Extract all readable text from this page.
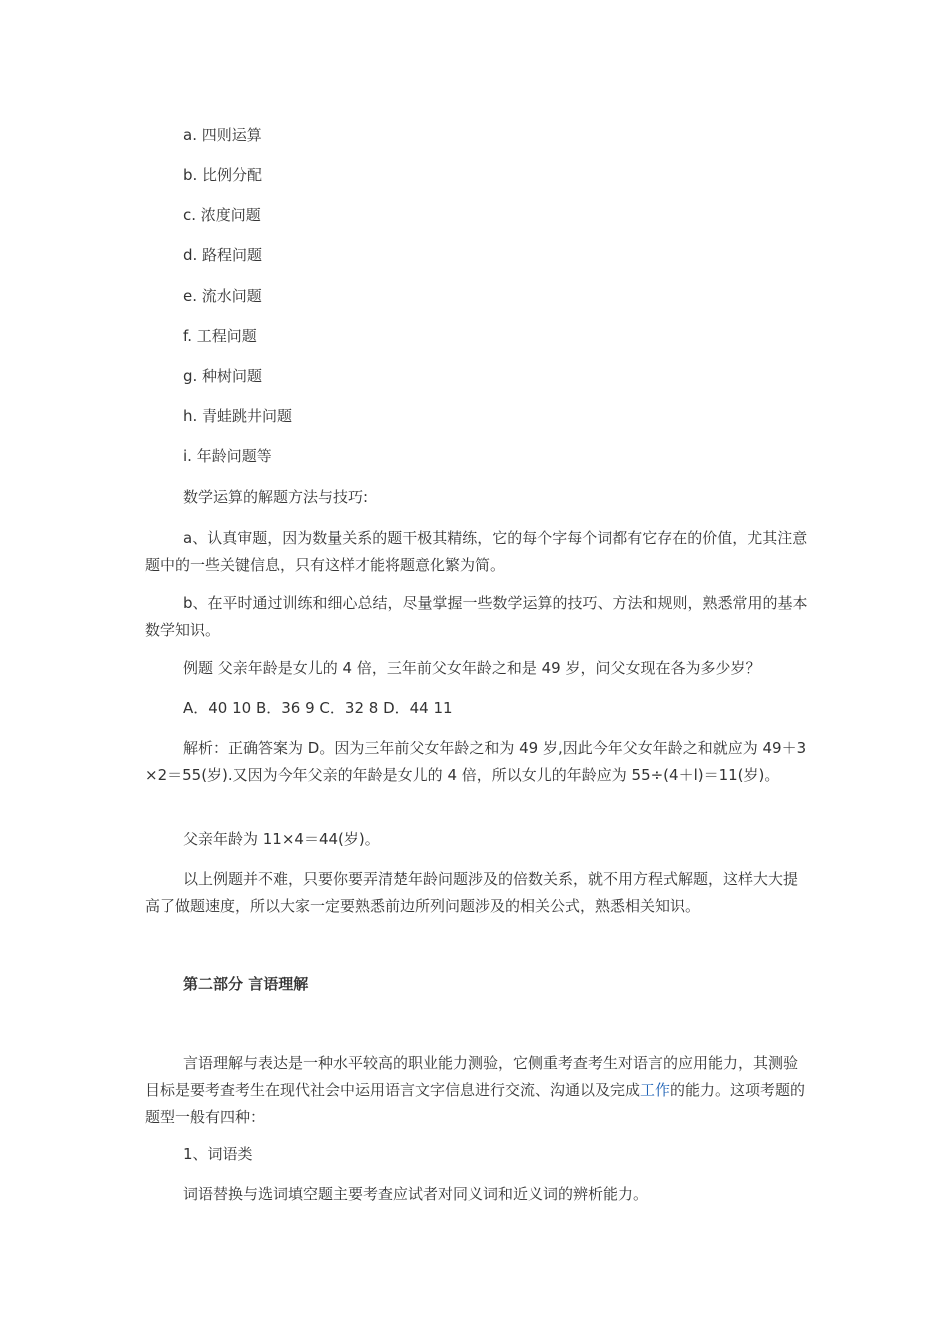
a. 四则运算

b. 比例分配

c. 浓度问题

d. 路程问题

e. 流水问题

f. 工程问题

g. 种树问题

h. 青蛙跳井问题

i. 年龄问题等

数学运算的解题方法与技巧:

a、认真审题，因为数量关系的题干极其精练，它的每个字每个词都有它存在的价值，尤其注意题中的一些关键信息，只有这样才能将题意化繁为简。

b、在平时通过训练和细心总结，尽量掌握一些数学运算的技巧、方法和规则，熟悉常用的基本数学知识。

例题 父亲年龄是女儿的 4 倍，三年前父女年龄之和是 49 岁，问父女现在各为多少岁？

A．40 10 B．36 9 C．32 8 D．44 11

解析：正确答案为 D。因为三年前父女年龄之和为 49 岁,因此今年父女年龄之和就应为 49＋3×2＝55(岁).又因为今年父亲的年龄是女儿的 4 倍，所以女儿的年龄应为 55÷(4＋l)＝11(岁)。

父亲年龄为 11×4＝44(岁)。

以上例题并不难，只要你要弄清楚年龄问题涉及的倍数关系，就不用方程式解题，这样大大提高了做题速度，所以大家一定要熟悉前边所列问题涉及的相关公式，熟悉相关知识。

第二部分 言语理解

言语理解与表达是一种水平较高的职业能力测验，它侧重考查考生对语言的应用能力，其测验目标是要考查考生在现代社会中运用语言文字信息进行交流、沟通以及完成工作的能力。这项考题的题型一般有四种：

1、词语类

词语替换与选词填空题主要考查应试者对同义词和近义词的辨析能力。
